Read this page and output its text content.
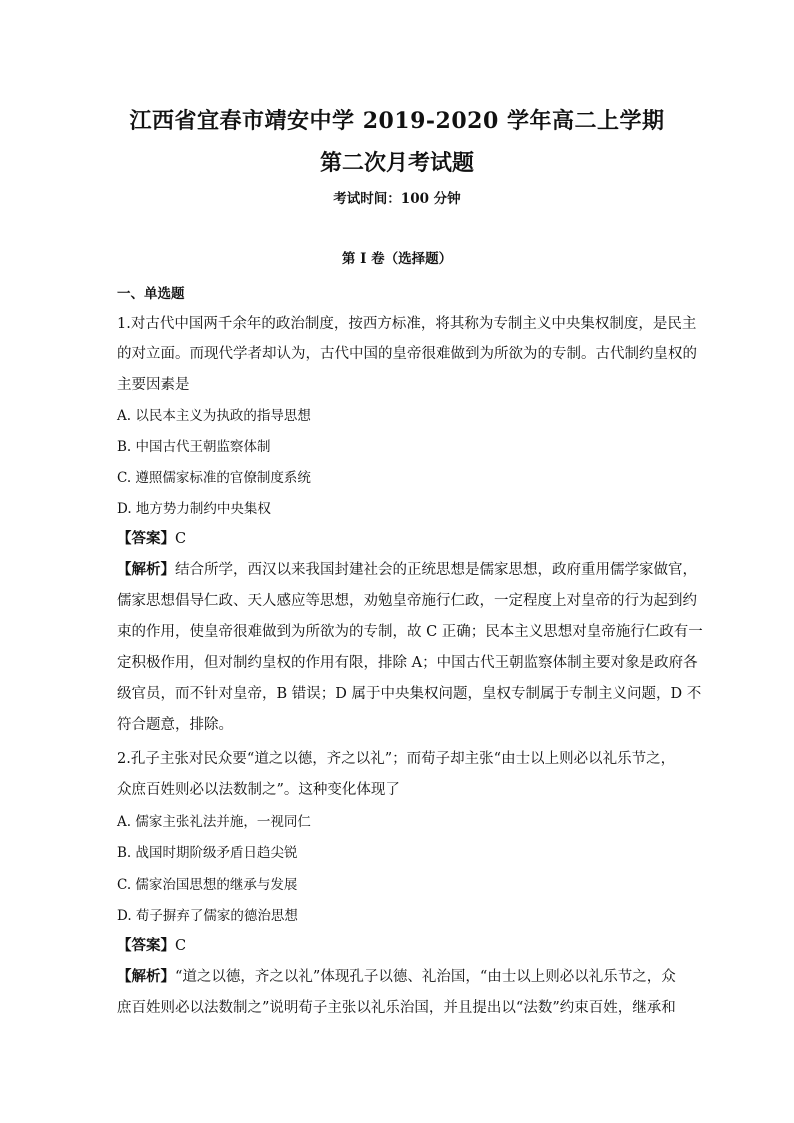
江西省宜春市靖安中学 2019-2020 学年高二上学期
第二次月考试题
考试时间：100 分钟
第 I 卷（选择题）
一、单选题
1.对古代中国两千余年的政治制度，按西方标准，将其称为专制主义中央集权制度，是民主
的对立面。而现代学者却认为，古代中国的皇帝很难做到为所欲为的专制。古代制约皇权的
主要因素是
A. 以民本主义为执政的指导思想
B. 中国古代王朝监察体制
C. 遵照儒家标准的官僚制度系统
D. 地方势力制约中央集权
【答案】C
【解析】结合所学，西汉以来我国封建社会的正统思想是儒家思想，政府重用儒学家做官，
儒家思想倡导仁政、天人感应等思想，劝勉皇帝施行仁政，一定程度上对皇帝的行为起到约
束的作用，使皇帝很难做到为所欲为的专制，故 C 正确；民本主义思想对皇帝施行仁政有一
定积极作用，但对制约皇权的作用有限，排除 A；中国古代王朝监察体制主要对象是政府各
级官员，而不针对皇帝，B 错误；D 属于中央集权问题，皇权专制属于专制主义问题，D 不
符合题意，排除。
2.孔子主张对民众要“道之以德，齐之以礼”；而荀子却主张“由士以上则必以礼乐节之，
众庶百姓则必以法数制之”。这种变化体现了
A. 儒家主张礼法并施，一视同仁
B. 战国时期阶级矛盾日趋尖锐
C. 儒家治国思想的继承与发展
D. 荀子摒弃了儒家的德治思想
【答案】C
【解析】“道之以德，齐之以礼”体现孔子以德、礼治国，“由士以上则必以礼乐节之，众
庶百姓则必以法数制之”说明荀子主张以礼乐治国，并且提出以“法数”约束百姓，继承和
